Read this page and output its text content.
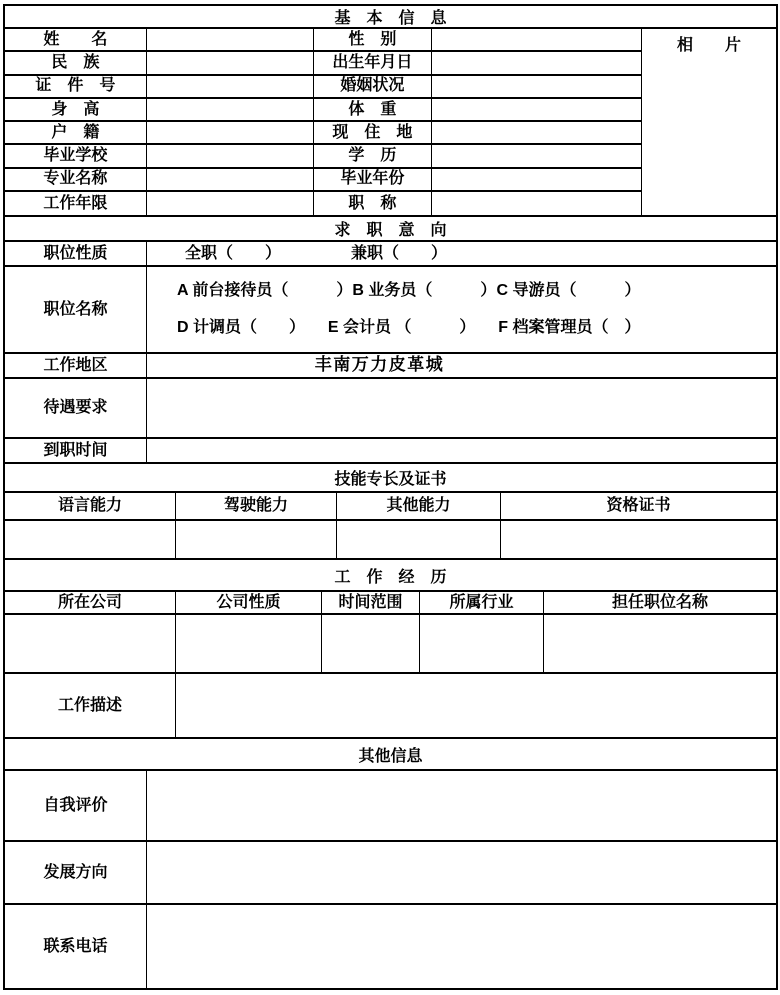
基　本　信　息
姓　　名	性　别
民　族	出生年月日
证　件　号	婚姻状况
身　高	体　重
户　籍	现　住　地
毕业学校	学　历
专业名称	毕业年份
工作年限	职　称
相　　片
求　职　意　向
职位性质	全职（　　）	兼职（　　）
职位名称
A 前台接待员（　　　） B 业务员（　　　） C 导游员（　　　）
D 计调员（　　） E 会计员 （　　　） F 档案管理员（　）
工作地区	丰南万力皮革城
待遇要求
到职时间
技能专长及证书
语言能力	驾驶能力	其他能力	资格证书
工　作　经　历
所在公司	公司性质	时间范围	所属行业	担任职位名称
工作描述
其他信息
自我评价
发展方向
联系电话
